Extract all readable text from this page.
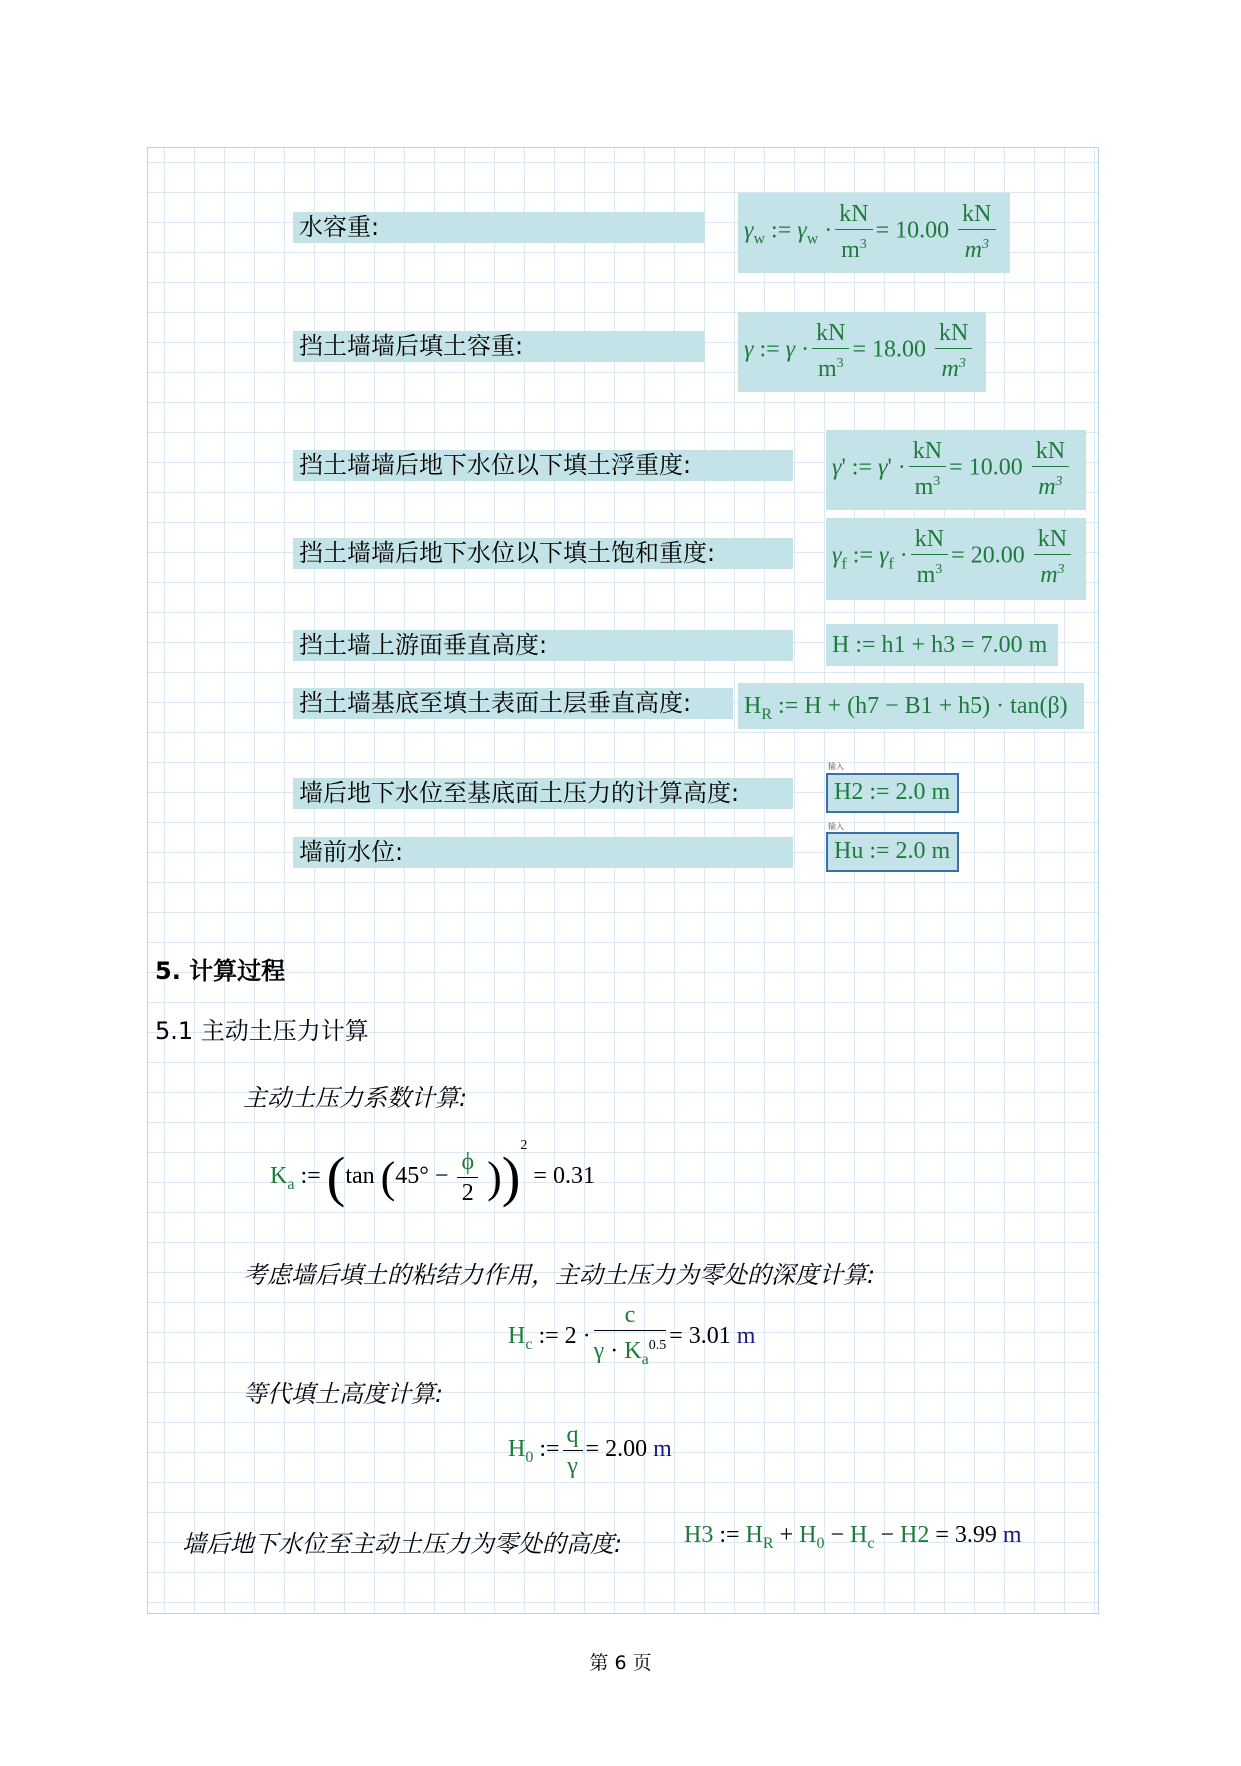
水容重:	$\gamma_w$ := $\gamma_w \cdot \frac{kN}{m^3} = 10.00 \frac{kN}{m^3}$
挡土墙墙后填土容重:	γ := $\gamma \cdot \frac{kN}{m^3} = 18.00 \frac{kN}{m^3}$
挡土墙墙后地下水位以下填土浮重度:	γ' := $\gamma' \cdot \frac{kN}{m^3} = 10.00 \frac{kN}{m^3}$
挡土墙墙后地下水位以下填土饱和重度:	$\gamma_f$ := $\gamma_f \cdot \frac{kN}{m^3} = 20.00 \frac{kN}{m^3}$
挡土墙上游面垂直高度:	H := h1 + h3 = 7.00 m
挡土墙基底至填土表面土层垂直高度:	$H_R$ := H + (h7 − B1 + h5) · tan(β)
墙后地下水位至基底面土压力的计算高度:
输入
H2 := 2.0 m
墙前水位:
输入
Hu := 2.0 m
5. 计算过程
5.1 主动土压力计算
主动土压力系数计算:
$K_a$ := (tan $(45^\circ - \frac{\phi}{2} ))^2 = 0.31$
考虑墙后填土的粘结力作用，主动土压力为零处的深度计算:
$H_c$ := $2 \cdot \frac{c}{\gamma \cdot K_a^{0.5}} = 3.01$ m
等代填土高度计算:
$H_0$ := $\frac{q}{\gamma} = 2.00$ m
墙后地下水位至主动土压力为零处的高度:	H3 := $H_R + H_0 - H_c - H2 = 3.99$ m
第 6 页
